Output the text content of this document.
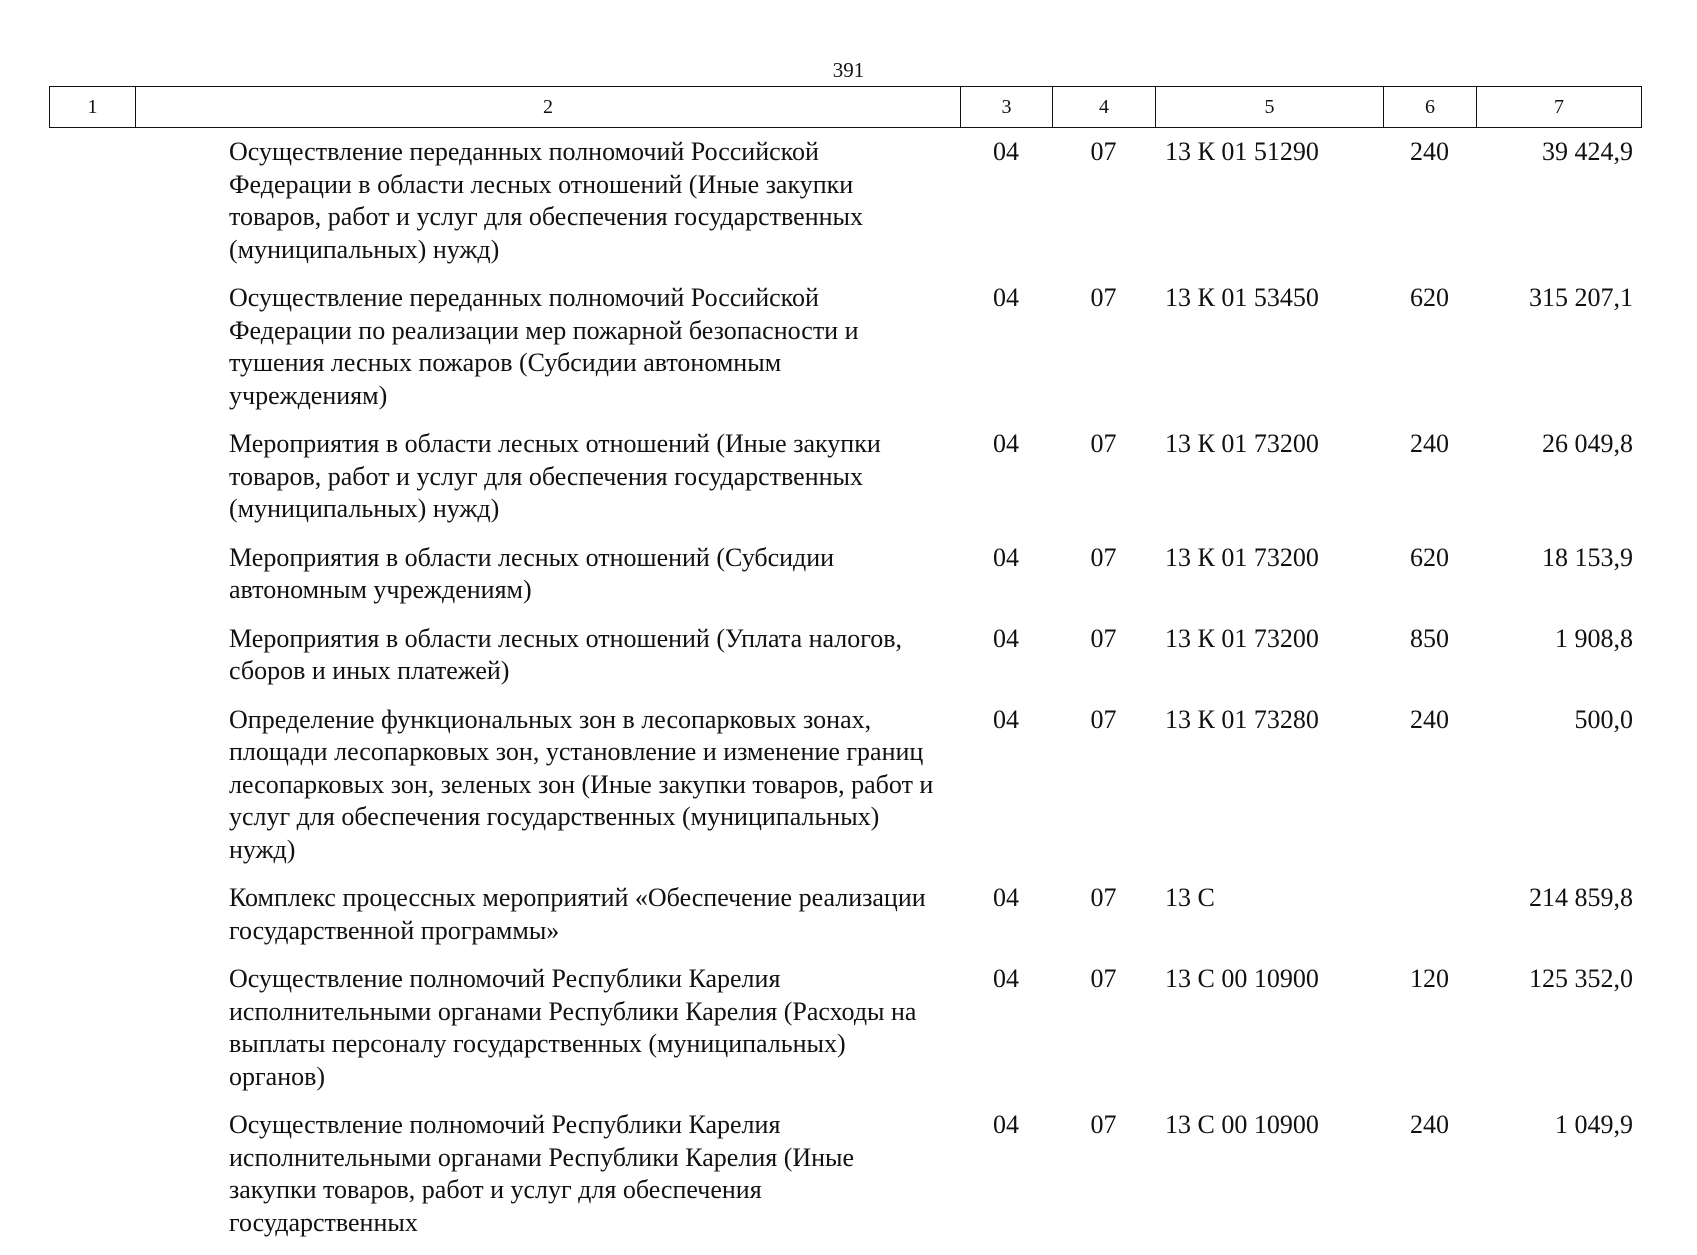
391
1	2	3	4	5	6	7
	Осуществление переданных полномочий Российской Федерации в области лесных отношений (Иные закупки товаров, работ и услуг для обеспечения государственных (муниципальных) нужд)	04	07	13 К 01 51290	240	39 424,9
	Осуществление переданных полномочий Российской Федерации по реализации мер пожарной безопасности и тушения лесных пожаров (Субсидии автономным учреждениям)	04	07	13 К 01 53450	620	315 207,1
	Мероприятия в области лесных отношений (Иные закупки товаров, работ и услуг для обеспечения государственных (муниципальных) нужд)	04	07	13 К 01 73200	240	26 049,8
	Мероприятия в области лесных отношений (Субсидии автономным учреждениям)	04	07	13 К 01 73200	620	18 153,9
	Мероприятия в области лесных отношений (Уплата налогов, сборов и иных платежей)	04	07	13 К 01 73200	850	1 908,8
	Определение функциональных зон в лесопарковых зонах, площади лесопарковых зон, установление и изменение границ лесопарковых зон, зеленых зон (Иные закупки товаров, работ и услуг для обеспечения государственных (муниципальных) нужд)	04	07	13 К 01 73280	240	500,0
	Комплекс процессных мероприятий «Обеспечение реализации государственной программы»	04	07	13 С		214 859,8
	Осуществление полномочий Республики Карелия исполнительными органами Республики Карелия (Расходы на выплаты персоналу государственных (муниципальных) органов)	04	07	13 С 00 10900	120	125 352,0
	Осуществление полномочий Республики Карелия исполнительными органами Республики Карелия (Иные закупки товаров, работ и услуг для обеспечения государственных	04	07	13 С 00 10900	240	1 049,9
